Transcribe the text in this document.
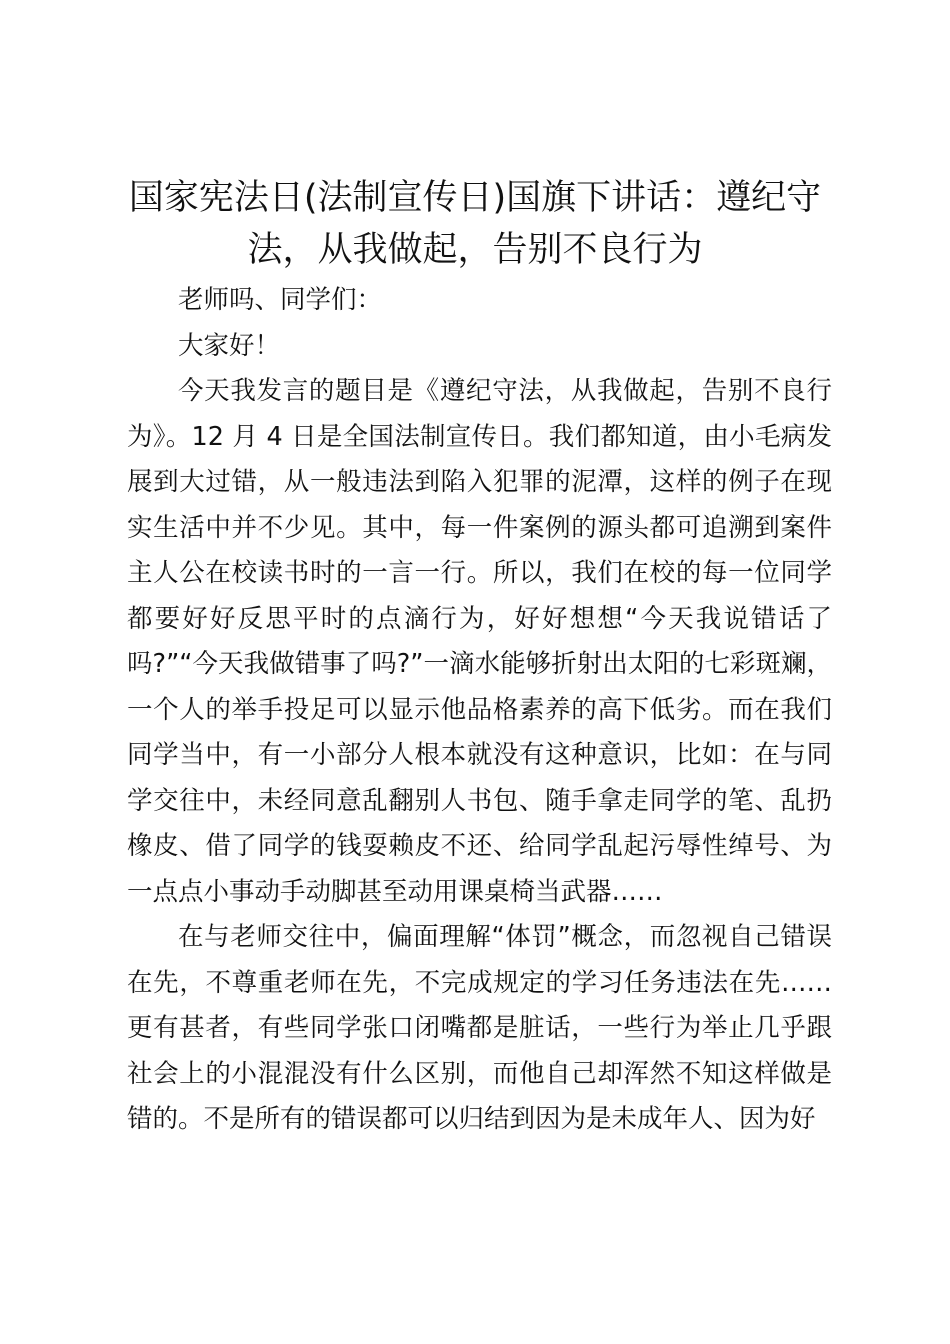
国家宪法日(法制宣传日)国旗下讲话：遵纪守法，从我做起，告别不良行为

老师吗、同学们：

大家好！

今天我发言的题目是《遵纪守法，从我做起，告别不良行为》。12 月 4 日是全国法制宣传日。我们都知道，由小毛病发展到大过错，从一般违法到陷入犯罪的泥潭，这样的例子在现实生活中并不少见。其中，每一件案例的源头都可追溯到案件主人公在校读书时的一言一行。所以，我们在校的每一位同学都要好好反思平时的点滴行为，好好想想“今天我说错话了吗?”“今天我做错事了吗?”一滴水能够折射出太阳的七彩斑斓，一个人的举手投足可以显示他品格素养的高下低劣。而在我们同学当中，有一小部分人根本就没有这种意识，比如：在与同学交往中，未经同意乱翻别人书包、随手拿走同学的笔、乱扔橡皮、借了同学的钱耍赖皮不还、给同学乱起污辱性绰号、为一点点小事动手动脚甚至动用课桌椅当武器……

在与老师交往中，偏面理解“体罚”概念，而忽视自己错误在先，不尊重老师在先，不完成规定的学习任务违法在先……更有甚者，有些同学张口闭嘴都是脏话，一些行为举止几乎跟社会上的小混混没有什么区别，而他自己却浑然不知这样做是错的。不是所有的错误都可以归结到因为是未成年人、因为好
